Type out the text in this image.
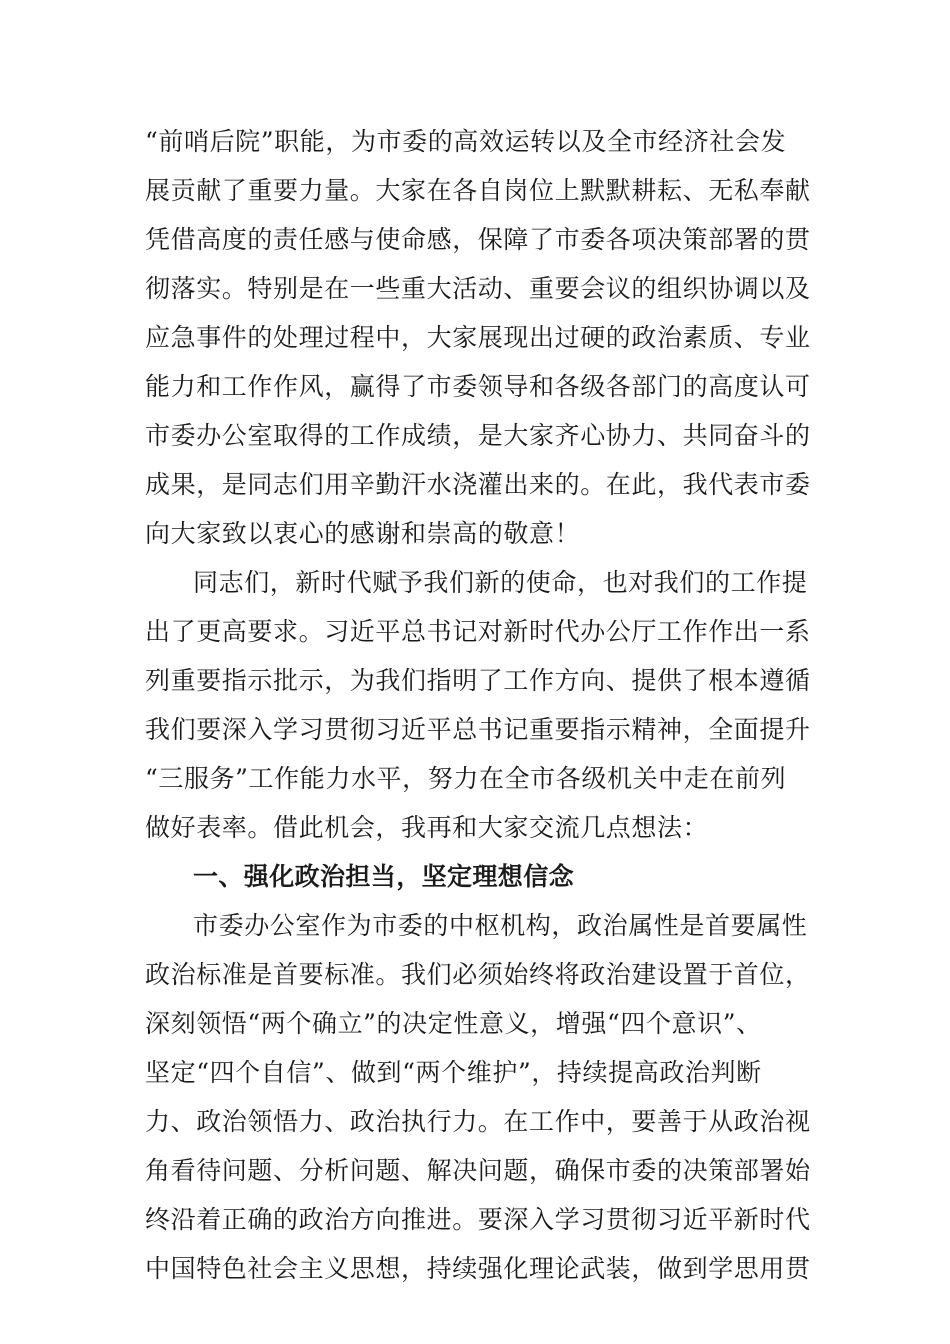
“前哨后院”职能，为市委的高效运转以及全市经济社会发
展贡献了重要力量。大家在各自岗位上默默耕耘、无私奉献
凭借高度的责任感与使命感，保障了市委各项决策部署的贯
彻落实。特别是在一些重大活动、重要会议的组织协调以及
应急事件的处理过程中，大家展现出过硬的政治素质、专业
能力和工作作风，赢得了市委领导和各级各部门的高度认可
市委办公室取得的工作成绩，是大家齐心协力、共同奋斗的
成果，是同志们用辛勤汗水浇灌出来的。在此，我代表市委
向大家致以衷心的感谢和崇高的敬意！
同志们，新时代赋予我们新的使命，也对我们的工作提
出了更高要求。习近平总书记对新时代办公厅工作作出一系
列重要指示批示，为我们指明了工作方向、提供了根本遵循
我们要深入学习贯彻习近平总书记重要指示精神，全面提升
“三服务”工作能力水平，努力在全市各级机关中走在前列
做好表率。借此机会，我再和大家交流几点想法：
一、强化政治担当，坚定理想信念
市委办公室作为市委的中枢机构，政治属性是首要属性
政治标准是首要标准。我们必须始终将政治建设置于首位，
深刻领悟“两个确立”的决定性意义，增强“四个意识”、
坚定“四个自信”、做到“两个维护”，持续提高政治判断
力、政治领悟力、政治执行力。在工作中，要善于从政治视
角看待问题、分析问题、解决问题，确保市委的决策部署始
终沿着正确的政治方向推进。要深入学习贯彻习近平新时代
中国特色社会主义思想，持续强化理论武装，做到学思用贯
